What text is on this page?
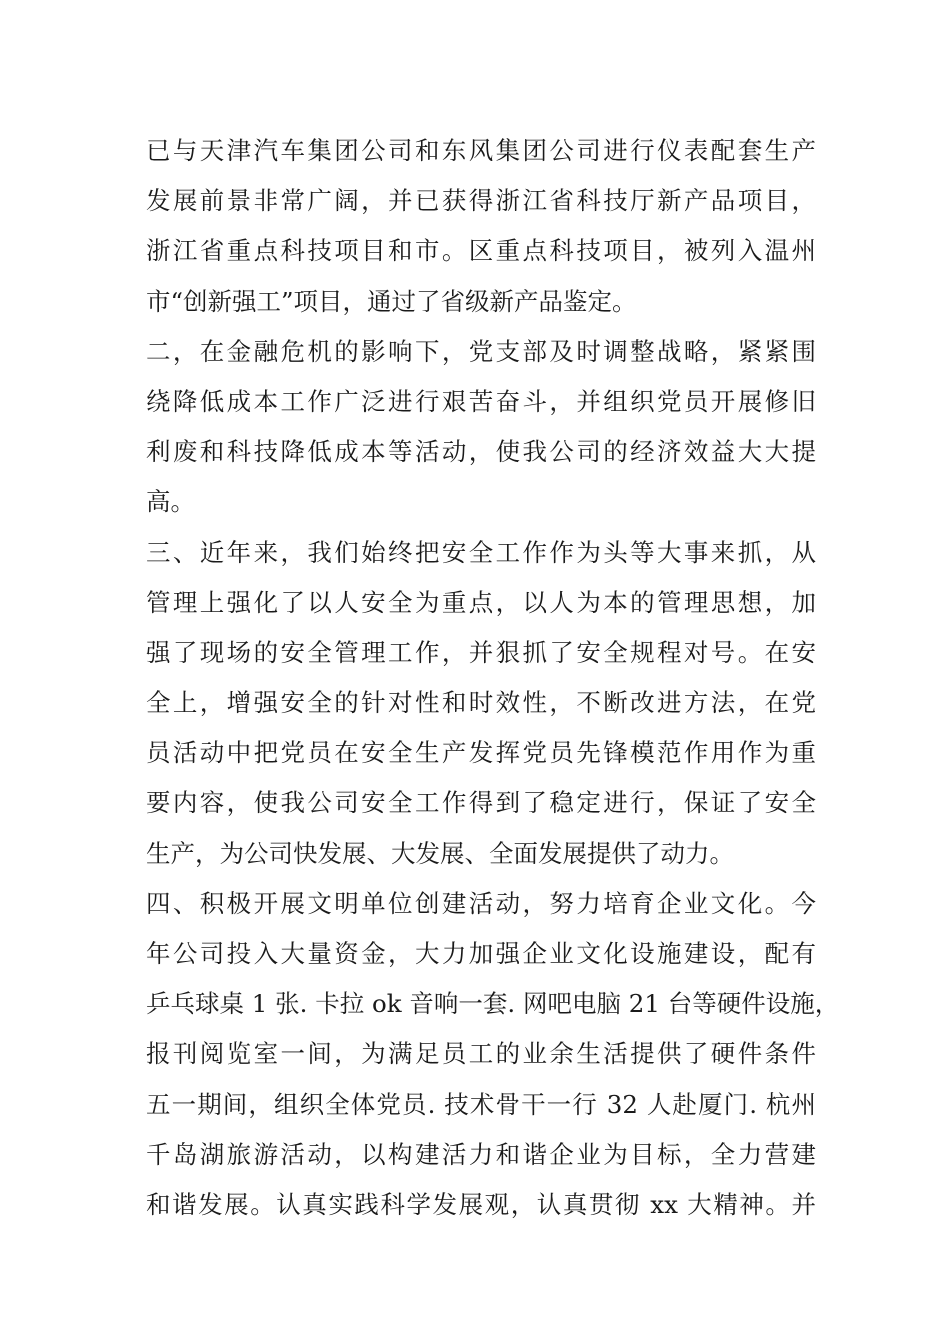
已与天津汽车集团公司和东风集团公司进行仪表配套生产
发展前景非常广阔，并已获得浙江省科技厅新产品项目，
浙江省重点科技项目和市。区重点科技项目，被列入温州
市“创新强工”项目，通过了省级新产品鉴定。
二，在金融危机的影响下，党支部及时调整战略，紧紧围
绕降低成本工作广泛进行艰苦奋斗，并组织党员开展修旧
利废和科技降低成本等活动，使我公司的经济效益大大提
高。
三、近年来，我们始终把安全工作作为头等大事来抓，从
管理上强化了以人安全为重点，以人为本的管理思想，加
强了现场的安全管理工作，并狠抓了安全规程对号。在安
全上，增强安全的针对性和时效性，不断改进方法，在党
员活动中把党员在安全生产发挥党员先锋模范作用作为重
要内容，使我公司安全工作得到了稳定进行，保证了安全
生产，为公司快发展、大发展、全面发展提供了动力。
四、积极开展文明单位创建活动，努力培育企业文化。今
年公司投入大量资金，大力加强企业文化设施建设，配有
乒乓球桌 1 张. 卡拉 ok 音响一套. 网吧电脑 21 台等硬件设施，
报刊阅览室一间，为满足员工的业余生活提供了硬件条件
五一期间，组织全体党员. 技术骨干一行 32 人赴厦门. 杭州
千岛湖旅游活动，以构建活力和谐企业为目标，全力营建
和谐发展。认真实践科学发展观，认真贯彻 xx 大精神。并
